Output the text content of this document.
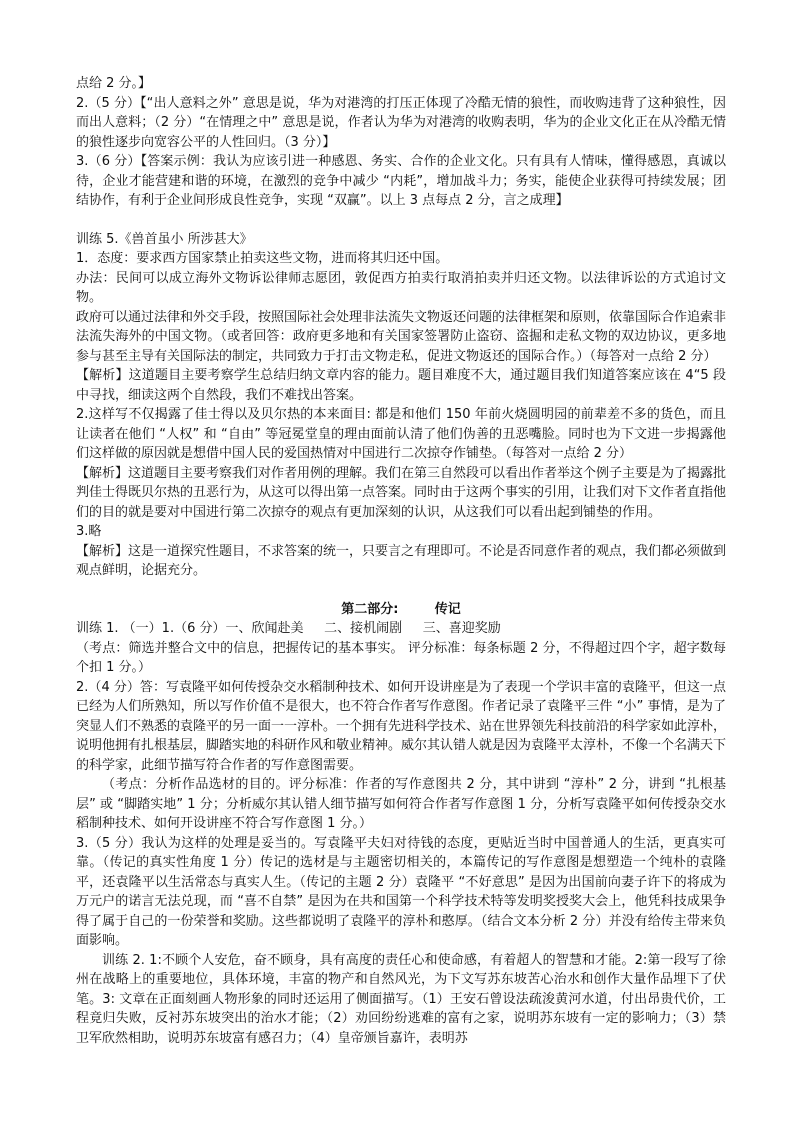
点给 2 分。】

2.（5 分）【“出人意料之外” 意思是说，华为对港湾的打压正体现了冷酷无情的狼性，而收购违背了这种狼性，因而出人意料；（2 分）“在情理之中” 意思是说，作者认为华为对港湾的收购表明，华为的企业文化正在从冷酷无情的狼性逐步向宽容公平的人性回归。（3 分）】

3.（6 分）【答案示例：我认为应该引进一种感恩、务实、合作的企业文化。只有具有人情味，懂得感恩，真诚以待，企业才能营建和谐的环境，在激烈的竞争中减少 “内耗”，增加战斗力；务实，能使企业获得可持续发展；团结协作，有利于企业间形成良性竞争，实现 “双赢”。以上 3 点每点 2 分，言之成理】

训练 5.《兽首虽小 所涉甚大》

1．态度：要求西方国家禁止拍卖这些文物，进而将其归还中国。

办法：民间可以成立海外文物诉讼律师志愿团，敦促西方拍卖行取消拍卖并归还文物。以法律诉讼的方式追讨文物。

政府可以通过法律和外交手段，按照国际社会处理非法流失文物返还问题的法律框架和原则，依靠国际合作追索非法流失海外的中国文物。（或者回答：政府更多地和有关国家签署防止盗窃、盗掘和走私文物的双边协议，更多地参与甚至主导有关国际法的制定，共同致力于打击文物走私，促进文物返还的国际合作。）（每答对一点给 2 分）

【解析】这道题目主要考察学生总结归纳文章内容的能力。题目难度不大，通过题目我们知道答案应该在 4“5 段中寻找，细读这两个自然段，我们不难找出答案。

2.这样写不仅揭露了佳士得以及贝尔热的本来面目: 都是和他们 150 年前火烧圆明园的前辈差不多的货色，而且让读者在他们 “人权” 和 “自由” 等冠冕堂皇的理由面前认清了他们伪善的丑恶嘴脸。同时也为下文进一步揭露他们这样做的原因就是想借中国人民的爱国热情对中国进行二次掠夺作铺垫。（每答对一点给 2 分）

【解析】这道题目主要考察我们对作者用例的理解。我们在第三自然段可以看出作者举这个例子主要是为了揭露批判佳士得既贝尔热的丑恶行为，从这可以得出第一点答案。同时由于这两个事实的引用，让我们对下文作者直指他们的目的就是要对中国进行第二次掠夺的观点有更加深刻的认识，从这我们可以看出起到铺垫的作用。

3.略

【解析】这是一道探究性题目，不求答案的统一，只要言之有理即可。不论是否同意作者的观点，我们都必须做到观点鲜明，论据充分。

第二部分:        传记

训练 1. （一）1.（6 分）一、欣闻赴美     二、接机闹剧     三、喜迎奖励

（考点：筛选并整合文中的信息，把握传记的基本事实。 评分标准：每条标题 2 分，不得超过四个字，超字数每个扣 1 分。）

2.（4 分）答：写袁隆平如何传授杂交水稻制种技术、如何开设讲座是为了表现一个学识丰富的袁隆平，但这一点已经为人们所熟知，所以写作价值不是很大，也不符合作者写作意图。作者记录了袁隆平三件 “小” 事情，是为了突显人们不熟悉的袁隆平的另一面一一淳朴。一个拥有先进科学技术、站在世界领先科技前沿的科学家如此淳朴，说明他拥有扎根基层，脚踏实地的科研作风和敬业精神。威尔其认错人就是因为袁隆平太淳朴，不像一个名满天下的科学家，此细节描写符合作者的写作意图需要。

（考点：分析作品选材的目的。评分标准：作者的写作意图共 2 分，其中讲到 “淳朴” 2 分，讲到 “扎根基层” 或 “脚踏实地” 1 分；分析威尔其认错人细节描写如何符合作者写作意图 1 分，分析写袁隆平如何传授杂交水稻制种技术、如何开设讲座不符合写作意图 1 分。）

3.（5 分）我认为这样的处理是妥当的。写袁隆平夫妇对待钱的态度，更贴近当时中国普通人的生活，更真实可靠。（传记的真实性角度 1 分）传记的选材是与主题密切相关的，本篇传记的写作意图是想塑造一个纯朴的袁隆平，还袁隆平以生活常态与真实人生。（传记的主题 2 分）袁隆平 “不好意思” 是因为出国前向妻子许下的将成为万元户的诺言无法兑现，而 “喜不自禁” 是因为在共和国第一个科学技术特等发明奖授奖大会上，他凭科技成果争得了属于自己的一份荣誉和奖励。这些都说明了袁隆平的淳朴和憨厚。（结合文本分析 2 分）并没有给传主带来负面影响。

训练 2. 1:不顾个人安危，奋不顾身，具有高度的责任心和使命感，有着超人的智慧和才能。2:第一段写了徐州在战略上的重要地位，具体环境，丰富的物产和自然风光，为下文写苏东坡苦心治水和创作大量作品埋下了伏笔。3: 文章在正面刻画人物形象的同时还运用了侧面描写。（1）王安石曾设法疏浚黄河水道，付出昂贵代价，工程竟归失败，反衬苏东坡突出的治水才能；（2）劝回纷纷逃难的富有之家，说明苏东坡有一定的影响力；（3）禁卫军欣然相助，说明苏东坡富有感召力；（4）皇帝颁旨嘉许，表明苏
